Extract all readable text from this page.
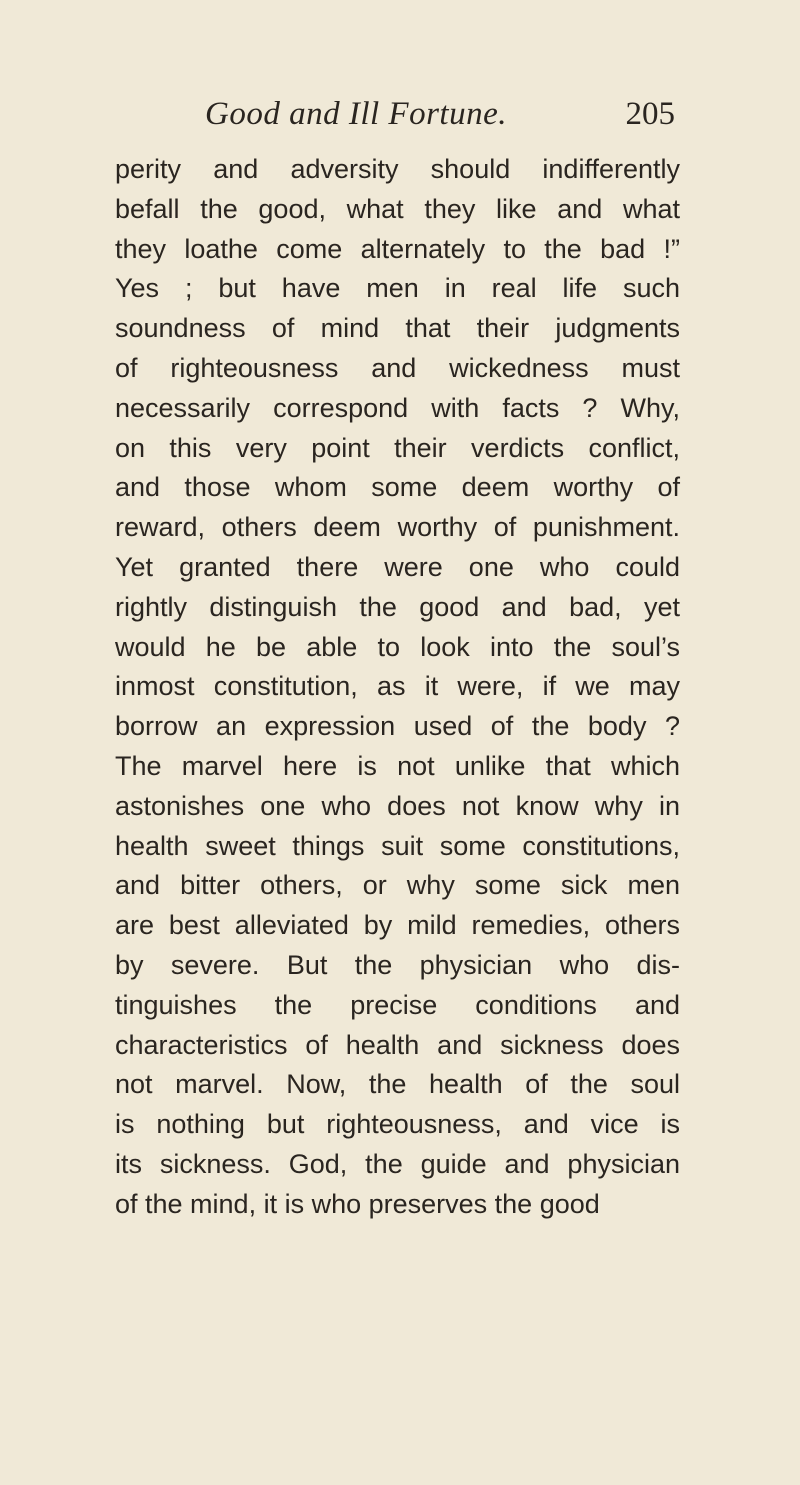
Good and Ill Fortune.	205
perity and adversity should indifferently
befall the good, what they like and what
they loathe come alternately to the bad !”
Yes ; but have men in real life such
soundness of mind that their judgments
of righteousness and wickedness must
necessarily correspond with facts ? Why,
on this very point their verdicts conflict,
and those whom some deem worthy of
reward, others deem worthy of punishment.
Yet granted there were one who could
rightly distinguish the good and bad, yet
would he be able to look into the soul’s
inmost constitution, as it were, if we may
borrow an expression used of the body ?
The marvel here is not unlike that which
astonishes one who does not know why in
health sweet things suit some constitutions,
and bitter others, or why some sick men
are best alleviated by mild remedies, others
by severe. But the physician who dis-
tinguishes the precise conditions and
characteristics of health and sickness does
not marvel. Now, the health of the soul
is nothing but righteousness, and vice is
its sickness. God, the guide and physician
of the mind, it is who preserves the good
